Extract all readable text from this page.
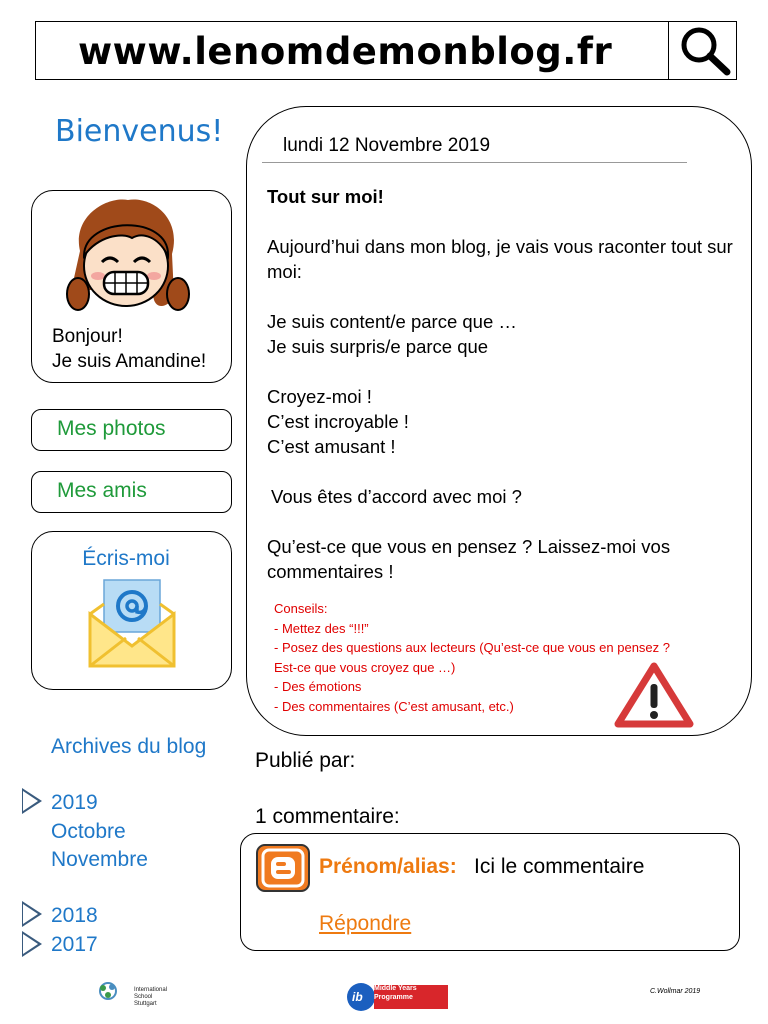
www.lenomdemonblog.fr
Bienvenus!
Bonjour!
Je suis Amandine!
Mes photos
Mes amis
Écris-moi
Archives du blog
2019
Octobre
Novembre
2018
2017
lundi 12 Novembre 2019

Tout sur moi!

Aujourd’hui dans mon blog, je vais vous raconter tout sur moi:

Je suis content/e parce que …

Je suis surpris/e parce que

Croyez-moi !

C’est incroyable !

C’est amusant !

Vous êtes d’accord avec moi ?

Qu’est-ce que vous en pensez ? Laissez-moi vos commentaires !

Conseils:
- Mettez des “!!!”
- Posez des questions aux lecteurs (Qu’est-ce que vous en pensez ? Est-ce que vous croyez que …)
- Des émotions
- Des commentaires (C’est amusant, etc.)
Publié par:
1 commentaire:
Prénom/alias: Ici le commentaire
Répondre
International
School
Stuttgart
Middle Years
Programme
ib	C.Wollmar 2019
